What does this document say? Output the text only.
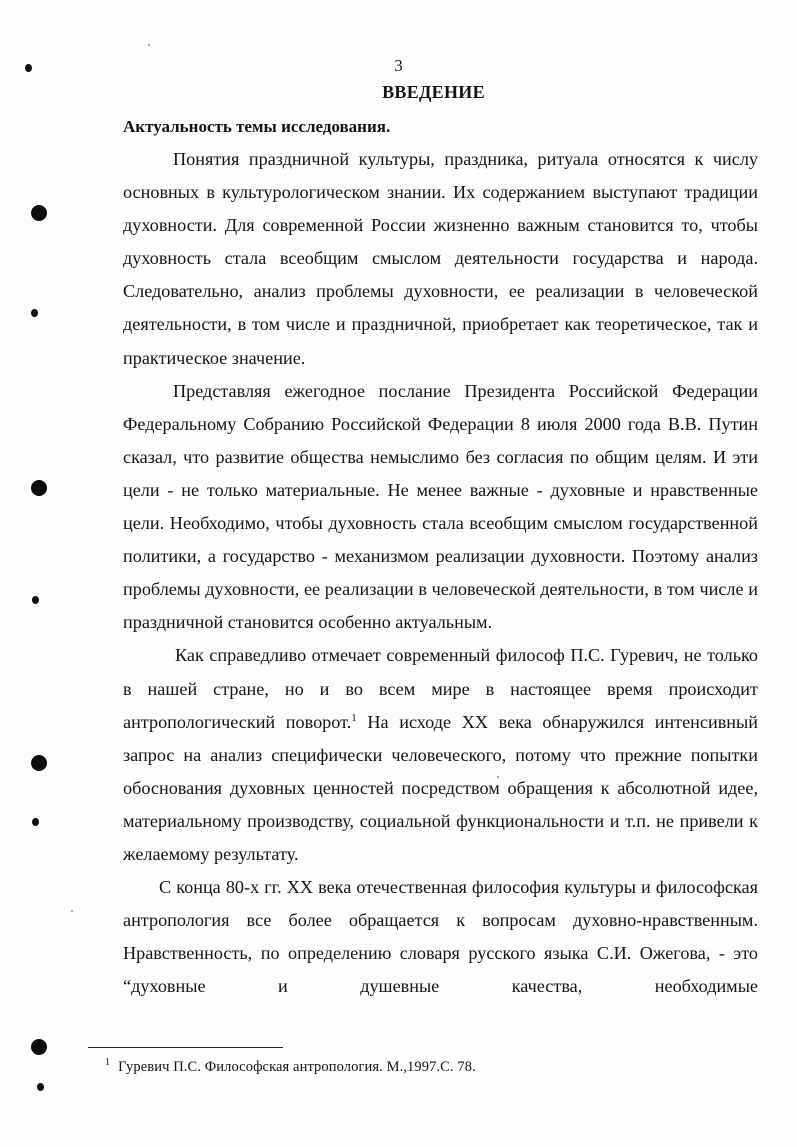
3
ВВЕДЕНИЕ
Актуальность темы исследования.

Понятия праздничной культуры, праздника, ритуала относятся к числу основных в культурологическом знании. Их содержанием выступают традиции духовности. Для современной России жизненно важным становится то, чтобы духовность стала всеобщим смыслом деятельности государства и народа. Следовательно, анализ проблемы духовности, ее реализации в человеческой деятельности, в том числе и праздничной, приобретает как теоретическое, так и практическое значение.

Представляя ежегодное послание Президента Российской Федерации Федеральному Собранию Российской Федерации 8 июля 2000 года В.В. Путин сказал, что развитие общества немыслимо без согласия по общим целям. И эти цели - не только материальные. Не менее важные - духовные и нравственные цели. Необходимо, чтобы духовность стала всеобщим смыслом государственной политики, а государство - механизмом реализации духовности. Поэтому анализ проблемы духовности, ее реализации в человеческой деятельности, в том числе и праздничной становится особенно актуальным.

Как справедливо отмечает современный философ П.С. Гуревич, не только в нашей стране, но и во всем мире в настоящее время происходит антропологический поворот.$^1$ На исходе XX века обнаружился интенсивный запрос на анализ специфически человеческого, потому что прежние попытки обоснования духовных ценностей посредством обращения к абсолютной идее, материальному производству, социальной функциональности и т.п. не привели к желаемому результату.

С конца 80-х гг. XX века отечественная философия культуры и философская антропология все более обращается к вопросам духовно-нравственным. Нравственность, по определению словаря русского языка С.И. Ожегова, - это “духовные и душевные качества, необходимые

$^1$ Гуревич П.С. Философская антропология. М.,1997.С. 78.
